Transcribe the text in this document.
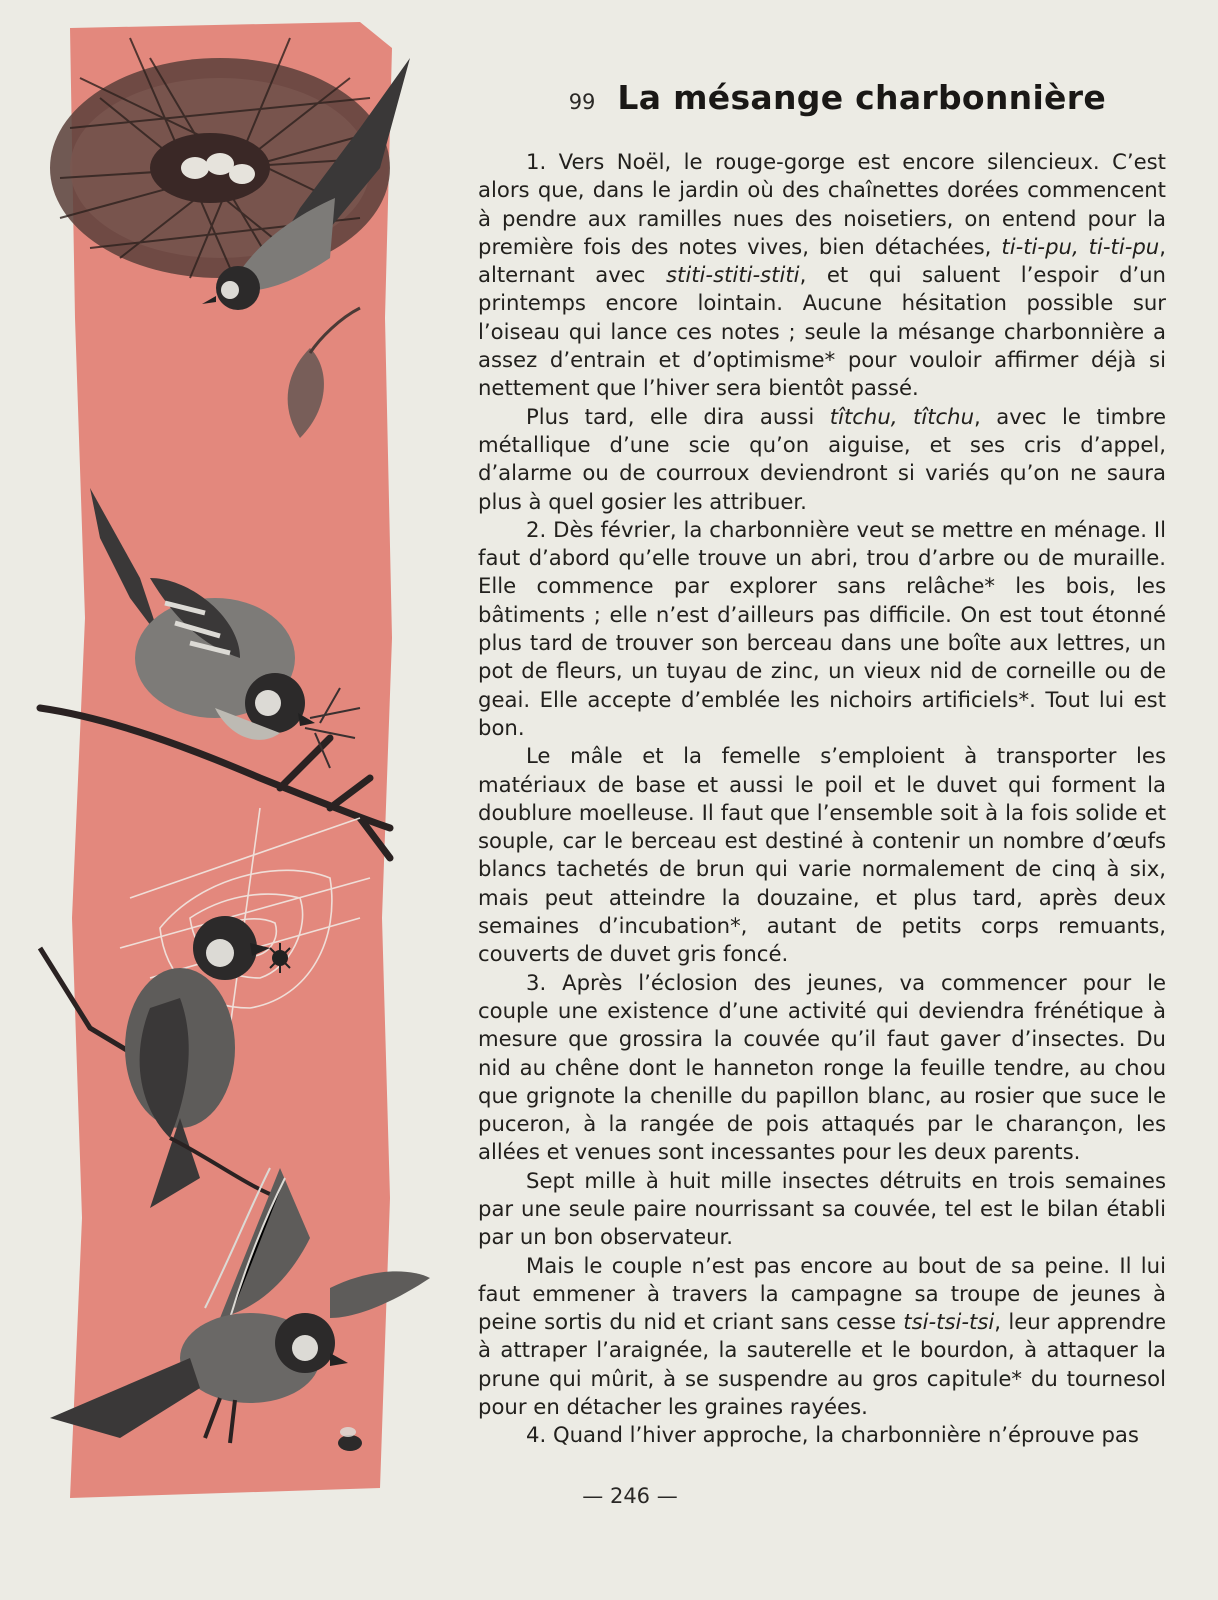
99 La mésange charbonnière

1. Vers Noël, le rouge-gorge est encore silencieux. C’est alors que, dans le jardin où des chaînettes dorées commencent à pendre aux ramilles nues des noisetiers, on entend pour la première fois des notes vives, bien détachées, ti-ti-pu, ti-ti-pu, alternant avec stiti-stiti-stiti, et qui saluent l’espoir d’un printemps encore lointain. Aucune hésitation possible sur l’oiseau qui lance ces notes ; seule la mésange charbonnière a assez d’entrain et d’optimisme* pour vouloir affirmer déjà si nettement que l’hiver sera bientôt passé.

Plus tard, elle dira aussi tîtchu, tîtchu, avec le timbre métallique d’une scie qu’on aiguise, et ses cris d’appel, d’alarme ou de courroux deviendront si variés qu’on ne saura plus à quel gosier les attribuer.

2. Dès février, la charbonnière veut se mettre en ménage. Il faut d’abord qu’elle trouve un abri, trou d’arbre ou de muraille. Elle commence par explorer sans relâche* les bois, les bâtiments ; elle n’est d’ailleurs pas difficile. On est tout étonné plus tard de trouver son berceau dans une boîte aux lettres, un pot de fleurs, un tuyau de zinc, un vieux nid de corneille ou de geai. Elle accepte d’emblée les nichoirs artificiels*. Tout lui est bon.

Le mâle et la femelle s’emploient à transporter les matériaux de base et aussi le poil et le duvet qui forment la doublure moelleuse. Il faut que l’ensemble soit à la fois solide et souple, car le berceau est destiné à contenir un nombre d’œufs blancs tachetés de brun qui varie normalement de cinq à six, mais peut atteindre la douzaine, et plus tard, après deux semaines d’incubation*, autant de petits corps remuants, couverts de duvet gris foncé.

3. Après l’éclosion des jeunes, va commencer pour le couple une existence d’une activité qui deviendra frénétique à mesure que grossira la couvée qu’il faut gaver d’insectes. Du nid au chêne dont le hanneton ronge la feuille tendre, au chou que grignote la chenille du papillon blanc, au rosier que suce le puceron, à la rangée de pois attaqués par le charançon, les allées et venues sont incessantes pour les deux parents.

Sept mille à huit mille insectes détruits en trois semaines par une seule paire nourrissant sa couvée, tel est le bilan établi par un bon observateur.

Mais le couple n’est pas encore au bout de sa peine. Il lui faut emmener à travers la campagne sa troupe de jeunes à peine sortis du nid et criant sans cesse tsi-tsi-tsi, leur apprendre à attraper l’araignée, la sauterelle et le bourdon, à attaquer la prune qui mûrit, à se suspendre au gros capitule* du tournesol pour en détacher les graines rayées.

4. Quand l’hiver approche, la charbonnière n’éprouve pas

— 246 —
